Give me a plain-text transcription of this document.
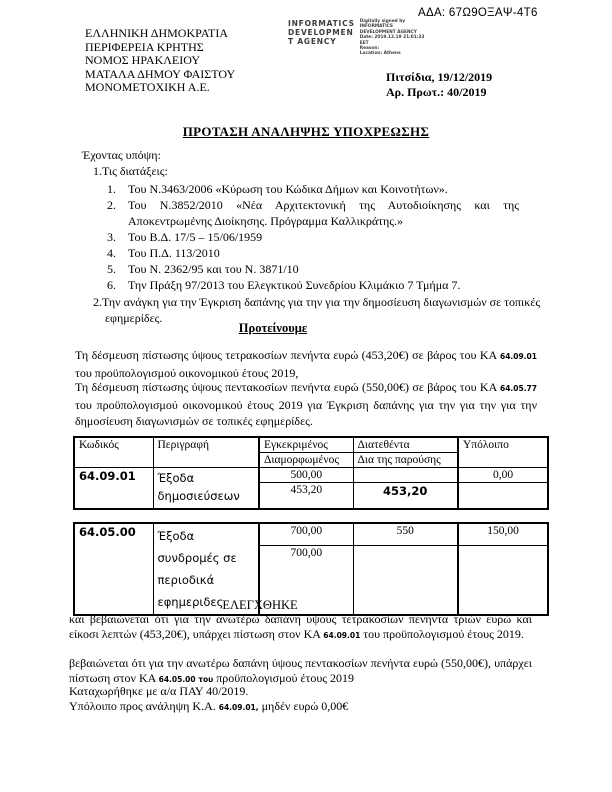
ΑΔΑ: 67Ω9ΟΞΑΨ-4Τ6
ΕΛΛΗΝΙΚΗ ΔΗΜΟΚΡΑΤΙΑ
ΠΕΡΙΦΕΡΕΙΑ ΚΡΗΤΗΣ
ΝΟΜΟΣ ΗΡΑΚΛΕΙΟΥ
ΜΑΤΑΛΑ ΔΗΜΟΥ ΦΑΙΣΤΟΥ
ΜΟΝΟΜΕΤΟΧΙΚΗ Α.Ε.
INFORMATICS
DEVELOPMEN
T AGENCY
Digitally signed by
INFORMATICS
DEVELOPMENT AGENCY
Date: 2019.12.19 21:01:33
EET
Reason:
Location: Athens
Πιτσίδια, 19/12/2019
Αρ. Πρωτ.: 40/2019
ΠΡΟΤΑΣΗ ΑΝΑΛΗΨΗΣ ΥΠΟΧΡΕΩΣΗΣ
Έχοντας υπόψη:
1.Τις διατάξεις:
1.	Του Ν.3463/2006 «Κύρωση του Κώδικα Δήμων και Κοινοτήτων».
2.	Του Ν.3852/2010 «Νέα Αρχιτεκτονική της Αυτοδιοίκησης και της Αποκεντρωμένης Διοίκησης. Πρόγραμμα Καλλικράτης.»
3.	Του Β.Δ. 17/5 – 15/06/1959
4.	Του Π.Δ. 113/2010
5.	Του Ν. 2362/95 και του Ν. 3871/10
6.	Την Πράξη 97/2013 του Ελεγκτικού Συνεδρίου Κλιμάκιο 7 Τμήμα 7.
2.Την ανάγκη για την Έγκριση δαπάνης για την για την δημοσίευση διαγωνισμών σε τοπικές εφημερίδες.
Προτείνουμε
Τη δέσμευση πίστωσης ύψους τετρακοσίων πενήντα ευρώ (453,20€) σε βάρος του ΚΑ 64.09.01 του προϋπολογισμού οικονομικού έτους 2019,
Τη δέσμευση πίστωσης ύψους πεντακοσίων πενήντα ευρώ (550,00€) σε βάρος του ΚΑ 64.05.77 του προϋπολογισμού οικονομικού έτους 2019 για Έγκριση δαπάνης για την για την για την δημοσίευση διαγωνισμών σε τοπικές εφημερίδες.
Κωδικός	Περιγραφή	Εγκεκριμένος	Διατεθέντα	Υπόλοιπο
		Διαμορφωμένος	Δια της παρούσης	
64.09.01	Έξοδα
δημοσιεύσεων	500,00		0,00
		453,20	453,20	
64.05.00	Έξοδα συνδρομές σε
περιοδικά
εφημεριδες	700,00	550	150,00
		700,00		
ΕΛΕΓΧΘΗΚΕ
και βεβαιώνεται ότι για την ανωτέρω δαπάνη ύψους τετρακοσίων πενηντα τριών ευρώ και είκοσι λεπτών (453,20€), υπάρχει πίστωση στον ΚΑ 64.09.01 του προϋπολογισμού έτους 2019.
βεβαιώνεται ότι για την ανωτέρω δαπάνη ύψους πεντακοσίων πενήντα ευρώ (550,00€), υπάρχει πίστωση στον ΚΑ 64.05.00 του προϋπολογισμού έτους 2019
Καταχωρήθηκε με α/α ΠΑΥ 40/2019.
Υπόλοιπο προς ανάληψη Κ.Α. 64.09.01, μηδέν ευρώ 0,00€
